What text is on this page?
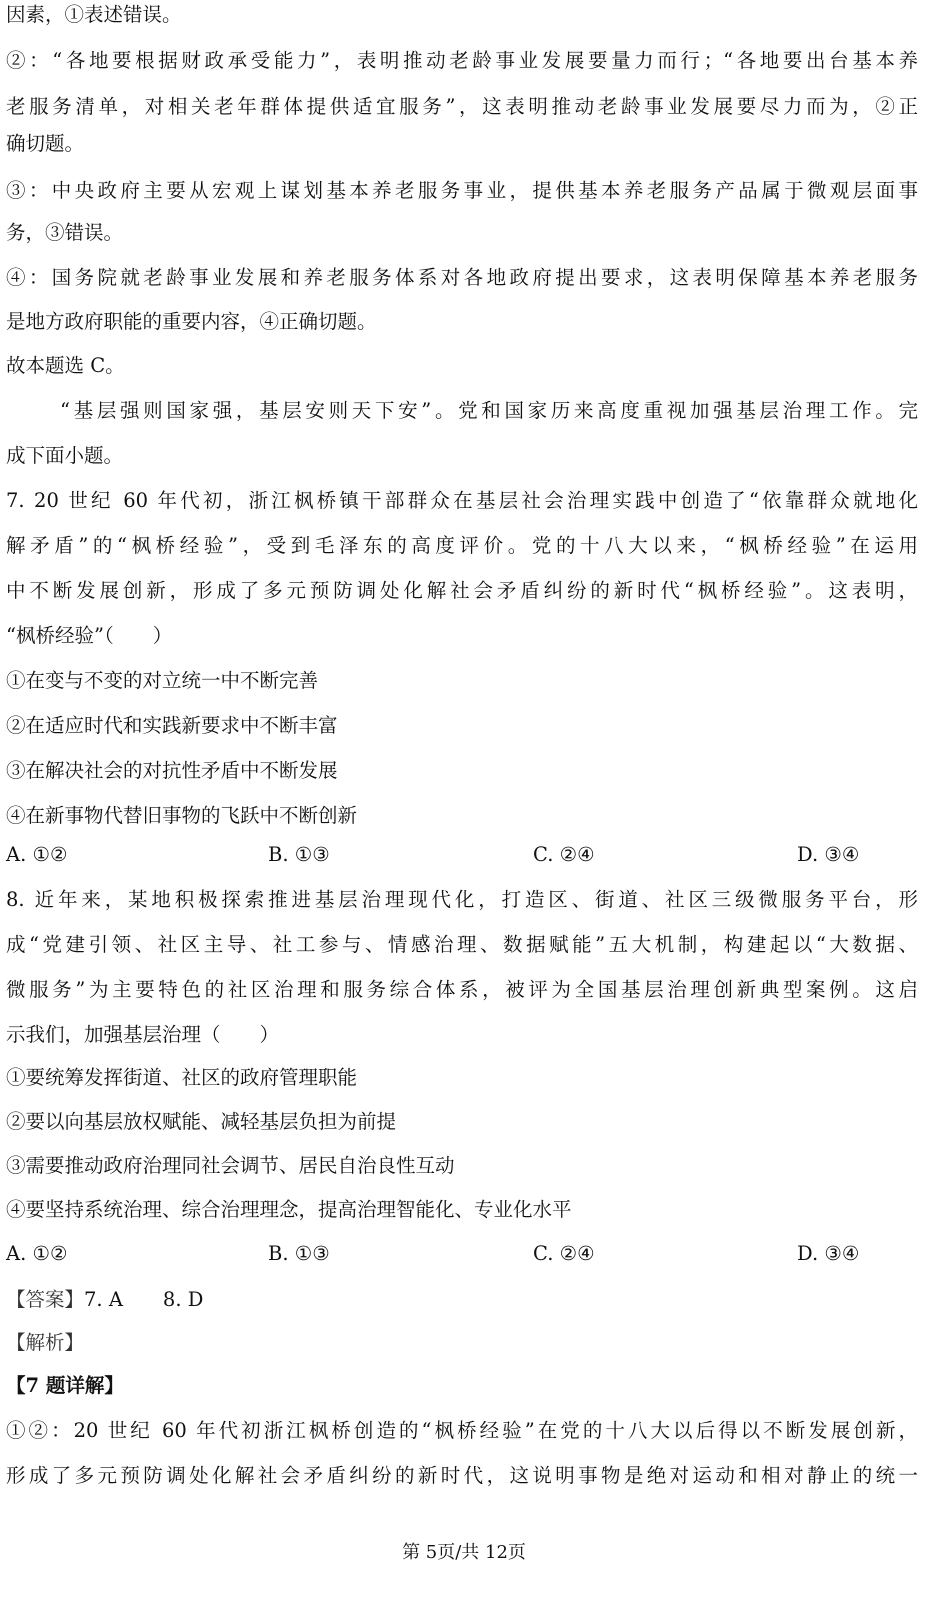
因素，①表述错误。
②：“各地要根据财政承受能力”，表明推动老龄事业发展要量力而行；“各地要出台基本养
老服务清单，对相关老年群体提供适宜服务”，这表明推动老龄事业发展要尽力而为，②正
确切题。
③：中央政府主要从宏观上谋划基本养老服务事业，提供基本养老服务产品属于微观层面事
务，③错误。
④：国务院就老龄事业发展和养老服务体系对各地政府提出要求，这表明保障基本养老服务
是地方政府职能的重要内容，④正确切题。
故本题选 C。
“基层强则国家强，基层安则天下安”。党和国家历来高度重视加强基层治理工作。完
成下面小题。
7. 20 世纪 60 年代初，浙江枫桥镇干部群众在基层社会治理实践中创造了“依靠群众就地化
解矛盾”的“枫桥经验”，受到毛泽东的高度评价。党的十八大以来，“枫桥经验”在运用
中不断发展创新，形成了多元预防调处化解社会矛盾纠纷的新时代“枫桥经验”。这表明，
“枫桥经验”（　　）
①在变与不变的对立统一中不断完善
②在适应时代和实践新要求中不断丰富
③在解决社会的对抗性矛盾中不断发展
④在新事物代替旧事物的飞跃中不断创新
A. ①②	B. ①③	C. ②④	D. ③④
8. 近年来，某地积极探索推进基层治理现代化，打造区、街道、社区三级微服务平台，形
成“党建引领、社区主导、社工参与、情感治理、数据赋能”五大机制，构建起以“大数据、
微服务”为主要特色的社区治理和服务综合体系，被评为全国基层治理创新典型案例。这启
示我们，加强基层治理（　　）
①要统筹发挥街道、社区的政府管理职能
②要以向基层放权赋能、减轻基层负担为前提
③需要推动政府治理同社会调节、居民自治良性互动
④要坚持系统治理、综合治理理念，提高治理智能化、专业化水平
A. ①②	B. ①③	C. ②④	D. ③④
【答案】7. A 8. D
【解析】
【7 题详解】
①②：20 世纪 60 年代初浙江枫桥创造的“枫桥经验”在党的十八大以后得以不断发展创新，
形成了多元预防调处化解社会矛盾纠纷的新时代，这说明事物是绝对运动和相对静止的统一
第 5页/共 12页
